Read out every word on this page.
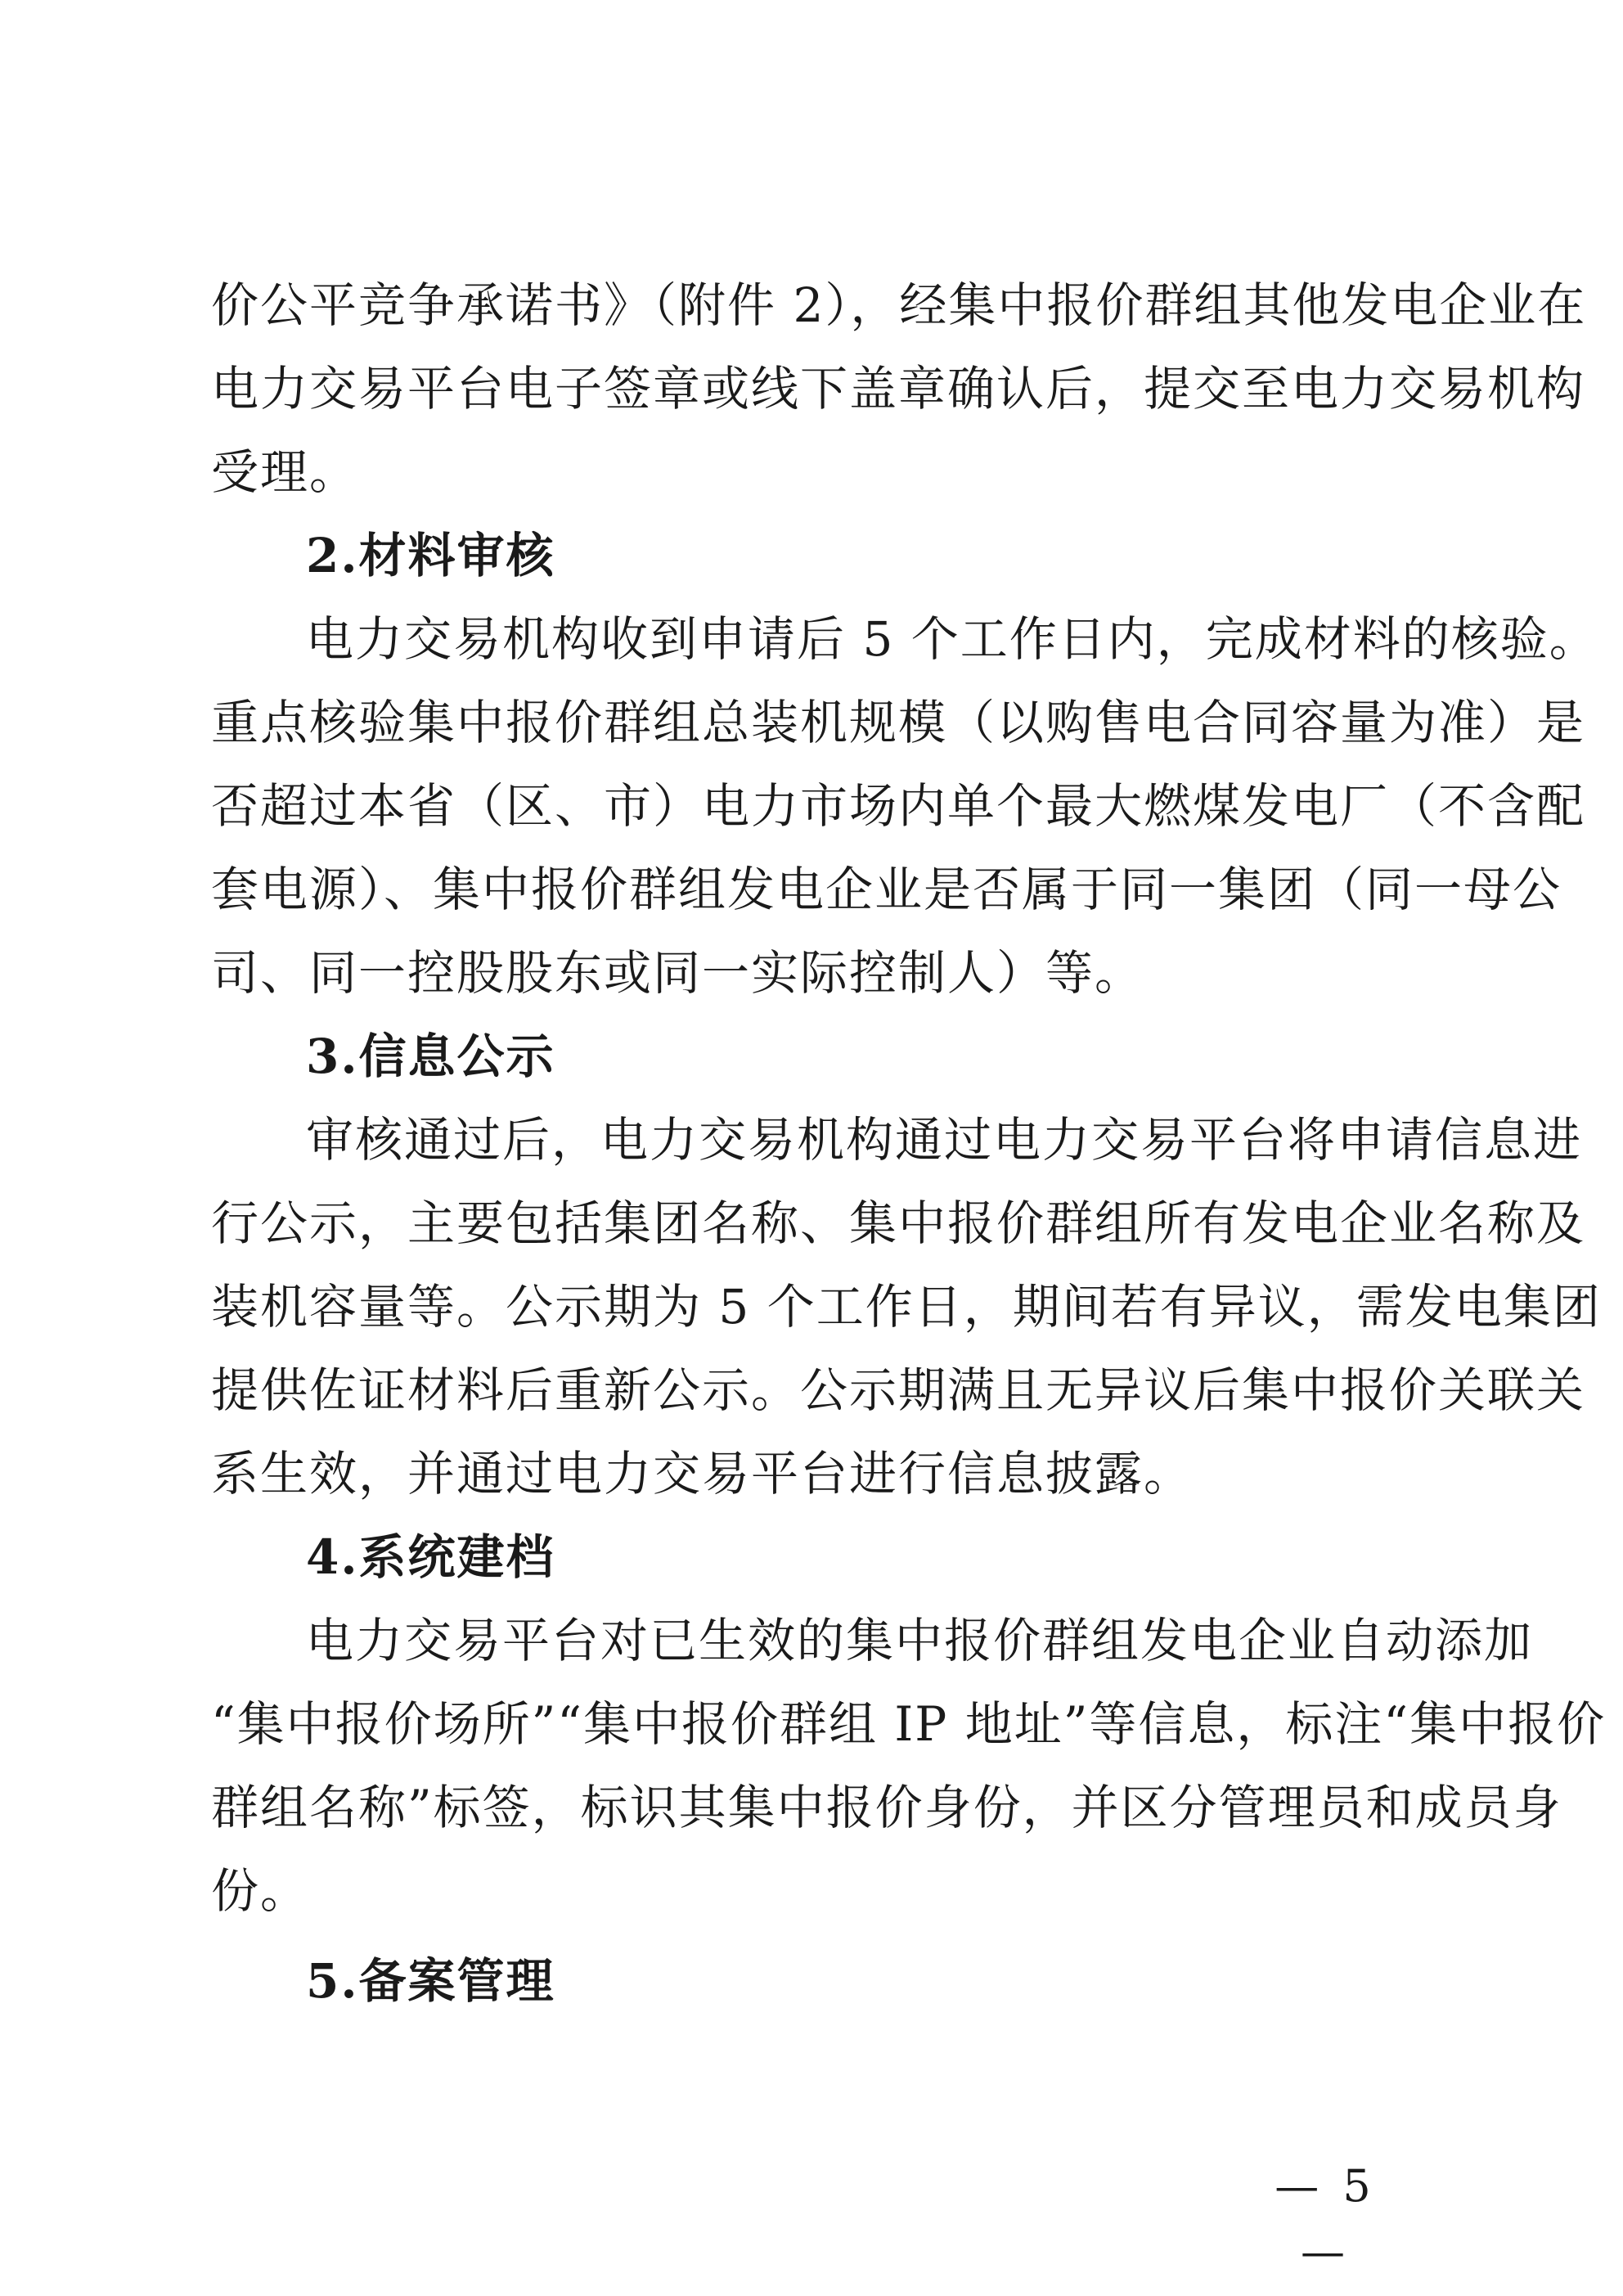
价公平竞争承诺书》（附件 2），经集中报价群组其他发电企业在
电力交易平台电子签章或线下盖章确认后，提交至电力交易机构
受理。
2.材料审核
电力交易机构收到申请后 5 个工作日内，完成材料的核验。
重点核验集中报价群组总装机规模（以购售电合同容量为准）是
否超过本省（区、市）电力市场内单个最大燃煤发电厂（不含配
套电源）、集中报价群组发电企业是否属于同一集团（同一母公
司、同一控股股东或同一实际控制人）等。
3.信息公示
审核通过后，电力交易机构通过电力交易平台将申请信息进
行公示，主要包括集团名称、集中报价群组所有发电企业名称及
装机容量等。公示期为 5 个工作日，期间若有异议，需发电集团
提供佐证材料后重新公示。公示期满且无异议后集中报价关联关
系生效，并通过电力交易平台进行信息披露。
4.系统建档
电力交易平台对已生效的集中报价群组发电企业自动添加
“集中报价场所”“集中报价群组 IP 地址”等信息，标注“集中报价
群组名称”标签，标识其集中报价身份，并区分管理员和成员身
份。
5.备案管理
— 5 —
